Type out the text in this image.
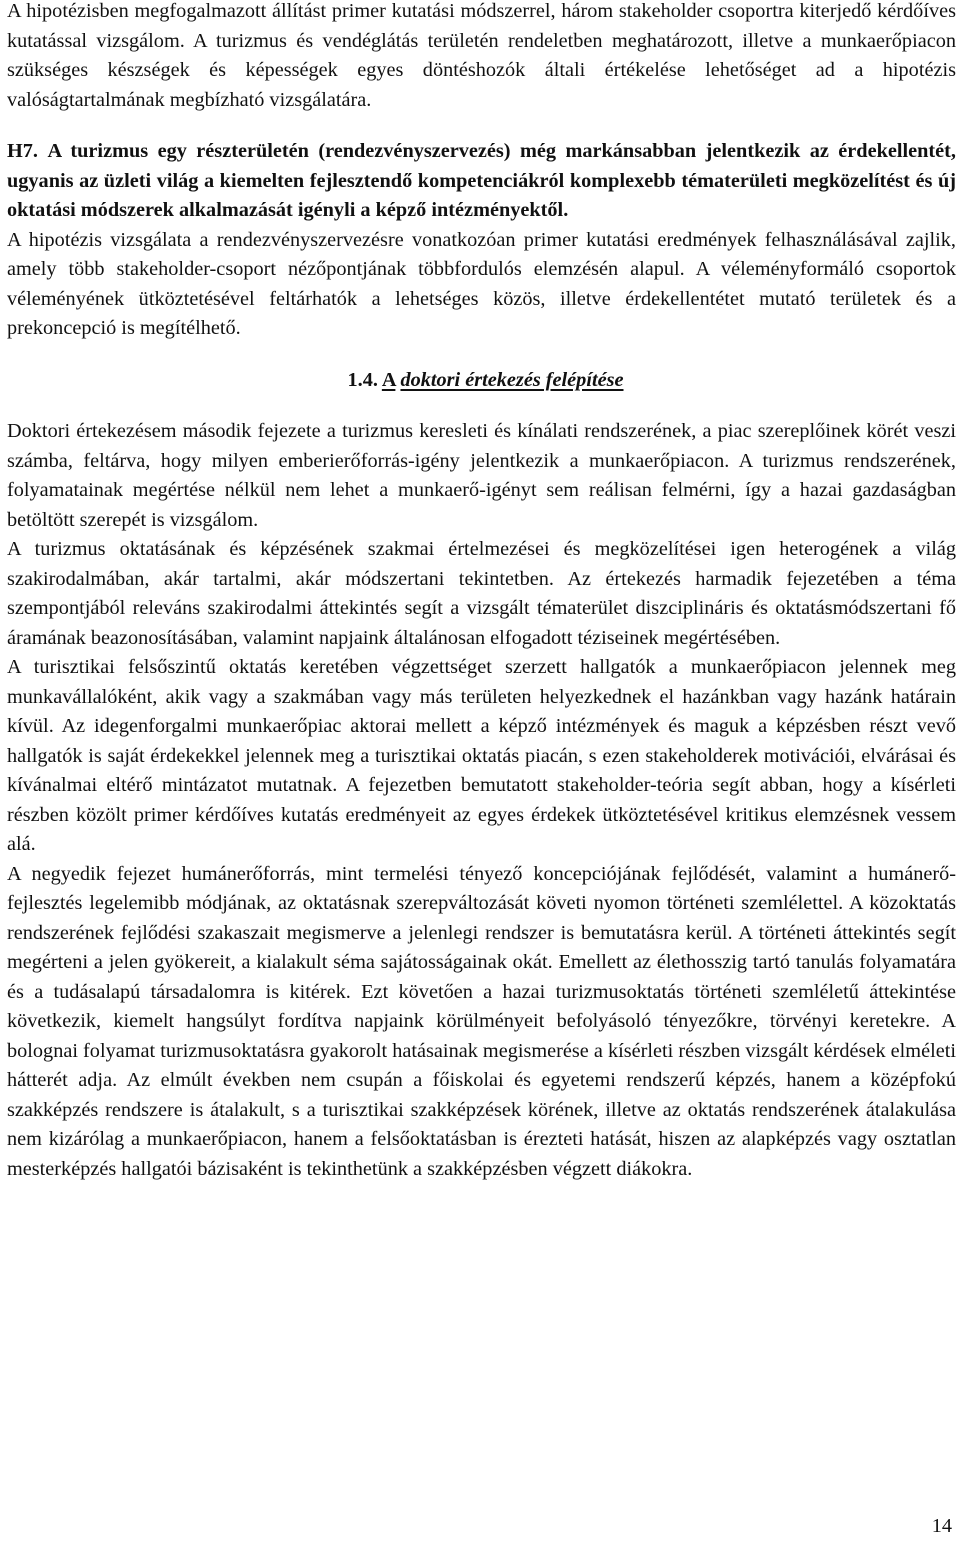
A hipotézisben megfogalmazott állítást primer kutatási módszerrel, három stakeholder csoportra kiterjedő kérdőíves kutatással vizsgálom. A turizmus és vendéglátás területén rendeletben meghatározott, illetve a munkaerőpiacon szükséges készségek és képességek egyes döntéshozók általi értékelése lehetőséget ad a hipotézis valóságtartalmának megbízható vizsgálatára.

H7. A turizmus egy részterületén (rendezvényszervezés) még markánsabban jelentkezik az érdekellentét, ugyanis az üzleti világ a kiemelten fejlesztendő kompetenciákról komplexebb tématerületi megközelítést és új oktatási módszerek alkalmazását igényli a képző intézményektől.

A hipotézis vizsgálata a rendezvényszervezésre vonatkozóan primer kutatási eredmények felhasználásával zajlik, amely több stakeholder-csoport nézőpontjának többfordulós elemzésén alapul. A véleményformáló csoportok véleményének ütköztetésével feltárhatók a lehetséges közös, illetve érdekellentétet mutató területek és a prekoncepció is megítélhető.

1.4. A doktori értekezés felépítése

Doktori értekezésem második fejezete a turizmus keresleti és kínálati rendszerének, a piac szereplőinek körét veszi számba, feltárva, hogy milyen emberierőforrás-igény jelentkezik a munkaerőpiacon. A turizmus rendszerének, folyamatainak megértése nélkül nem lehet a munkaerő-igényt sem reálisan felmérni, így a hazai gazdaságban betöltött szerepét is vizsgálom.

A turizmus oktatásának és képzésének szakmai értelmezései és megközelítései igen heterogének a világ szakirodalmában, akár tartalmi, akár módszertani tekintetben. Az értekezés harmadik fejezetében a téma szempontjából releváns szakirodalmi áttekintés segít a vizsgált tématerület diszciplináris és oktatásmódszertani fő áramának beazonosításában, valamint napjaink általánosan elfogadott téziseinek megértésében.

A turisztikai felsőszintű oktatás keretében végzettséget szerzett hallgatók a munkaerőpiacon jelennek meg munkavállalóként, akik vagy a szakmában vagy más területen helyezkednek el hazánkban vagy hazánk határain kívül. Az idegenforgalmi munkaerőpiac aktorai mellett a képző intézmények és maguk a képzésben részt vevő hallgatók is saját érdekekkel jelennek meg a turisztikai oktatás piacán, s ezen stakeholderek motivációi, elvárásai és kívánalmai eltérő mintázatot mutatnak. A fejezetben bemutatott stakeholder-teória segít abban, hogy a kísérleti részben közölt primer kérdőíves kutatás eredményeit az egyes érdekek ütköztetésével kritikus elemzésnek vessem alá.

A negyedik fejezet humánerőforrás, mint termelési tényező koncepciójának fejlődését, valamint a humánerő-fejlesztés legelemibb módjának, az oktatásnak szerepváltozását követi nyomon történeti szemlélettel. A közoktatás rendszerének fejlődési szakaszait megismerve a jelenlegi rendszer is bemutatásra kerül. A történeti áttekintés segít megérteni a jelen gyökereit, a kialakult séma sajátosságainak okát. Emellett az élethosszig tartó tanulás folyamatára és a tudásalapú társadalomra is kitérek. Ezt követően a hazai turizmusoktatás történeti szemléletű áttekintése következik, kiemelt hangsúlyt fordítva napjaink körülményeit befolyásoló tényezőkre, törvényi keretekre. A bolognai folyamat turizmusoktatásra gyakorolt hatásainak megismerése a kísérleti részben vizsgált kérdések elméleti hátterét adja. Az elmúlt években nem csupán a főiskolai és egyetemi rendszerű képzés, hanem a középfokú szakképzés rendszere is átalakult, s a turisztikai szakképzések körének, illetve az oktatás rendszerének átalakulása nem kizárólag a munkaerőpiacon, hanem a felsőoktatásban is érezteti hatását, hiszen az alapképzés vagy osztatlan mesterképzés hallgatói bázisaként is tekinthetünk a szakképzésben végzett diákokra.

14
